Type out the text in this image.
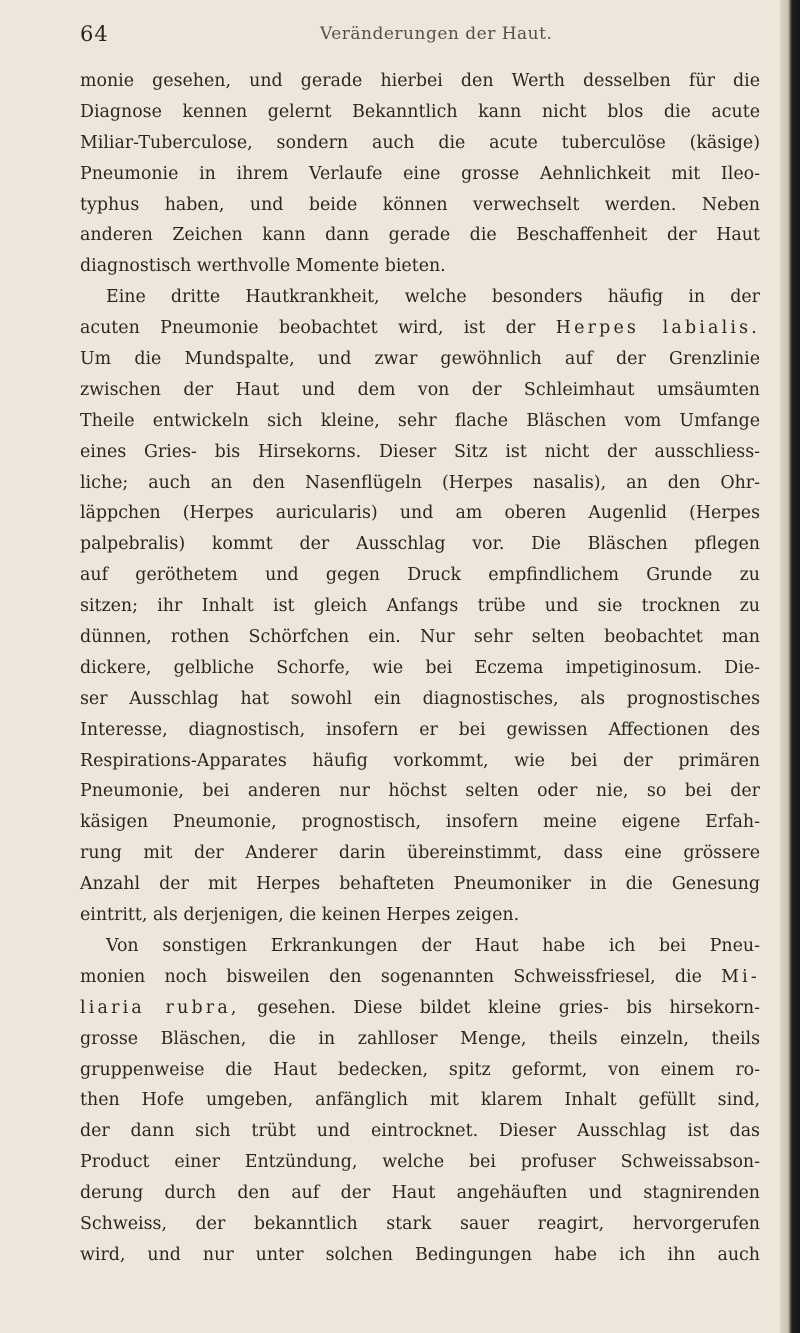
64	Veränderungen der Haut.
monie gesehen, und gerade hierbei den Werth desselben für die
Diagnose kennen gelernt Bekanntlich kann nicht blos die acute
Miliar-Tuberculose, sondern auch die acute tuberculöse (käsige)
Pneumonie in ihrem Verlaufe eine grosse Aehnlichkeit mit Ileo-
typhus haben, und beide können verwechselt werden. Neben
anderen Zeichen kann dann gerade die Beschaffenheit der Haut
diagnostisch werthvolle Momente bieten.
Eine dritte Hautkrankheit, welche besonders häufig in der
acuten Pneumonie beobachtet wird, ist der Herpes labialis.
Um die Mundspalte, und zwar gewöhnlich auf der Grenzlinie
zwischen der Haut und dem von der Schleimhaut umsäumten
Theile entwickeln sich kleine, sehr flache Bläschen vom Umfange
eines Gries- bis Hirsekorns. Dieser Sitz ist nicht der ausschliess-
liche; auch an den Nasenflügeln (Herpes nasalis), an den Ohr-
läppchen (Herpes auricularis) und am oberen Augenlid (Herpes
palpebralis) kommt der Ausschlag vor. Die Bläschen pflegen
auf geröthetem und gegen Druck empfindlichem Grunde zu
sitzen; ihr Inhalt ist gleich Anfangs trübe und sie trocknen zu
dünnen, rothen Schörfchen ein. Nur sehr selten beobachtet man
dickere, gelbliche Schorfe, wie bei Eczema impetiginosum. Die-
ser Ausschlag hat sowohl ein diagnostisches, als prognostisches
Interesse, diagnostisch, insofern er bei gewissen Affectionen des
Respirations-Apparates häufig vorkommt, wie bei der primären
Pneumonie, bei anderen nur höchst selten oder nie, so bei der
käsigen Pneumonie, prognostisch, insofern meine eigene Erfah-
rung mit der Anderer darin übereinstimmt, dass eine grössere
Anzahl der mit Herpes behafteten Pneumoniker in die Genesung
eintritt, als derjenigen, die keinen Herpes zeigen.
Von sonstigen Erkrankungen der Haut habe ich bei Pneu-
monien noch bisweilen den sogenannten Schweissfriesel, die Mi-
liaria rubra, gesehen. Diese bildet kleine gries- bis hirsekorn-
grosse Bläschen, die in zahlloser Menge, theils einzeln, theils
gruppenweise die Haut bedecken, spitz geformt, von einem ro-
then Hofe umgeben, anfänglich mit klarem Inhalt gefüllt sind,
der dann sich trübt und eintrocknet. Dieser Ausschlag ist das
Product einer Entzündung, welche bei profuser Schweissabson-
derung durch den auf der Haut angehäuften und stagnirenden
Schweiss, der bekanntlich stark sauer reagirt, hervorgerufen
wird, und nur unter solchen Bedingungen habe ich ihn auch
